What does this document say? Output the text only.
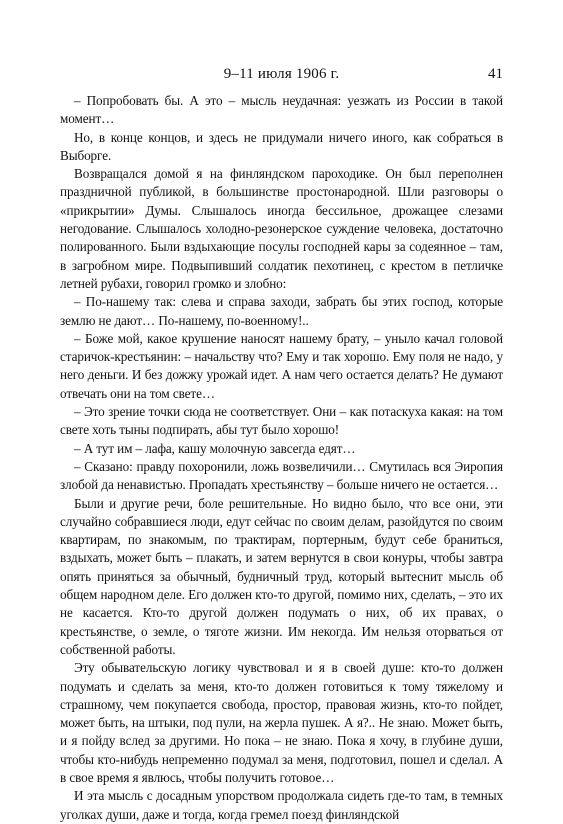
9–11 июля 1906 г.	41

– Попробовать бы. А это – мысль неудачная: уезжать из России в такой момент…

Но, в конце концов, и здесь не придумали ничего иного, как собраться в Выборге.

Возвращался домой я на финляндском пароходике. Он был переполнен праздничной публикой, в большинстве простонародной. Шли разговоры о «прикрытии» Думы. Слышалось иногда бессильное, дрожащее слезами негодование. Слышалось холодно-резонерское суждение человека, достаточно полированного. Были вздыхающие посулы господней кары за содеянное – там, в загробном мире. Подвыпивший солдатик пехотинец, с крестом в петличке летней рубахи, говорил громко и злобно:

– По-нашему так: слева и справа заходи, забрать бы этих господ, которые землю не дают… По-нашему, по-военному!..

– Боже мой, какое крушение наносят нашему брату, – уныло качал головой старичок-крестьянин: – начальству что? Ему и так хорошо. Ему поля не надо, у него деньги. И без дожжу урожай идет. А нам чего остается делать? Не думают отвечать они на том свете…

– Это зрение точки сюда не соответствует. Они – как потаскуха какая: на том свете хоть тыны подпирать, абы тут было хорошо!

– А тут им – лафа, кашу молочную завсегда едят…

– Сказано: правду похоронили, ложь возвеличили… Смутилась вся Эиропия злобой да ненавистью. Пропадать хрестьянству – больше ничего не остается…

Были и другие речи, боле решительные. Но видно было, что все они, эти случайно собравшиеся люди, едут сейчас по своим делам, разойдутся по своим квартирам, по знакомым, по трактирам, портерным, будут себе браниться, вздыхать, может быть – плакать, и затем вернутся в свои конуры, чтобы завтра опять приняться за обычный, будничный труд, который вытеснит мысль об общем народном деле. Его должен кто-то другой, помимо них, сделать, – это их не касается. Кто-то другой должен подумать о них, об их правах, о крестьянстве, о земле, о тяготе жизни. Им некогда. Им нельзя оторваться от собственной работы.

Эту обывательскую логику чувствовал и я в своей душе: кто-то должен подумать и сделать за меня, кто-то должен готовиться к тому тяжелому и страшному, чем покупается свобода, простор, правовая жизнь, кто-то пойдет, может быть, на штыки, под пули, на жерла пушек. А я?.. Не знаю. Может быть, и я пойду вслед за другими. Но пока – не знаю. Пока я хочу, в глубине души, чтобы кто-нибудь непременно подумал за меня, подготовил, пошел и сделал. А в свое время я явлюсь, чтобы получить готовое…

И эта мысль с досадным упорством продолжала сидеть где-то там, в темных уголках души, даже и тогда, когда гремел поезд финляндской
